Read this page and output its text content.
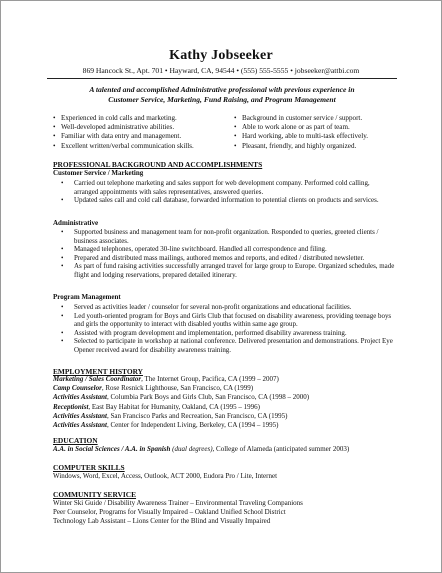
Kathy Jobseeker
869 Hancock St., Apt. 701 • Hayward, CA, 94544 • (555) 555-5555 • jobseeker@attbi.com
A talented and accomplished Administrative professional with previous experience in
Customer Service, Marketing, Fund Raising, and Program Management
• Experienced in cold calls and marketing.
• Well-developed administrative abilities.
• Familiar with data entry and management.
• Excellent written/verbal communication skills.
• Background in customer service / support.
• Able to work alone or as part of team.
• Hard working, able to multi-task effectively.
• Pleasant, friendly, and highly organized.
PROFESSIONAL BACKGROUND AND ACCOMPLISHMENTS
Customer Service / Marketing
• Carried out telephone marketing and sales support for web development company. Performed cold calling, arranged appointments with sales representatives, answered queries.
• Updated sales call and cold call database, forwarded information to potential clients on products and services.
Administrative
• Supported business and management team for non-profit organization. Responded to queries, greeted clients / business associates.
• Managed telephones, operated 30-line switchboard. Handled all correspondence and filing.
• Prepared and distributed mass mailings, authored memos and reports, and edited / distributed newsletter.
• As part of fund raising activities successfully arranged travel for large group to Europe. Organized schedules, made flight and lodging reservations, prepared detailed itinerary.
Program Management
• Served as activities leader / counselor for several non-profit organizations and educational facilities.
• Led youth-oriented program for Boys and Girls Club that focused on disability awareness, providing teenage boys and girls the opportunity to interact with disabled youths within same age group.
• Assisted with program development and implementation, performed disability awareness training.
• Selected to participate in workshop at national conference. Delivered presentation and demonstrations. Project Eye Opener received award for disability awareness training.
EMPLOYMENT HISTORY
Marketing / Sales Coordinator, The Internet Group, Pacifica, CA (1999 – 2007)
Camp Counselor, Rose Resnick Lighthouse, San Francisco, CA (1999)
Activities Assistant, Columbia Park Boys and Girls Club, San Francisco, CA (1998 – 2000)
Receptionist, East Bay Habitat for Humanity, Oakland, CA (1995 – 1996)
Activities Assistant, San Francisco Parks and Recreation, San Francisco, CA (1995)
Activities Assistant, Center for Independent Living, Berkeley, CA (1994 – 1995)
EDUCATION
A.A. in Social Sciences / A.A. in Spanish (dual degrees), College of Alameda (anticipated summer 2003)
COMPUTER SKILLS
Windows, Word, Excel, Access, Outlook, ACT 2000, Eudora Pro / Lite, Internet
COMMUNITY SERVICE
Winter Ski Guide / Disability Awareness Trainer – Environmental Traveling Companions
Peer Counselor, Programs for Visually Impaired – Oakland Unified School District
Technology Lab Assistant – Lions Center for the Blind and Visually Impaired
